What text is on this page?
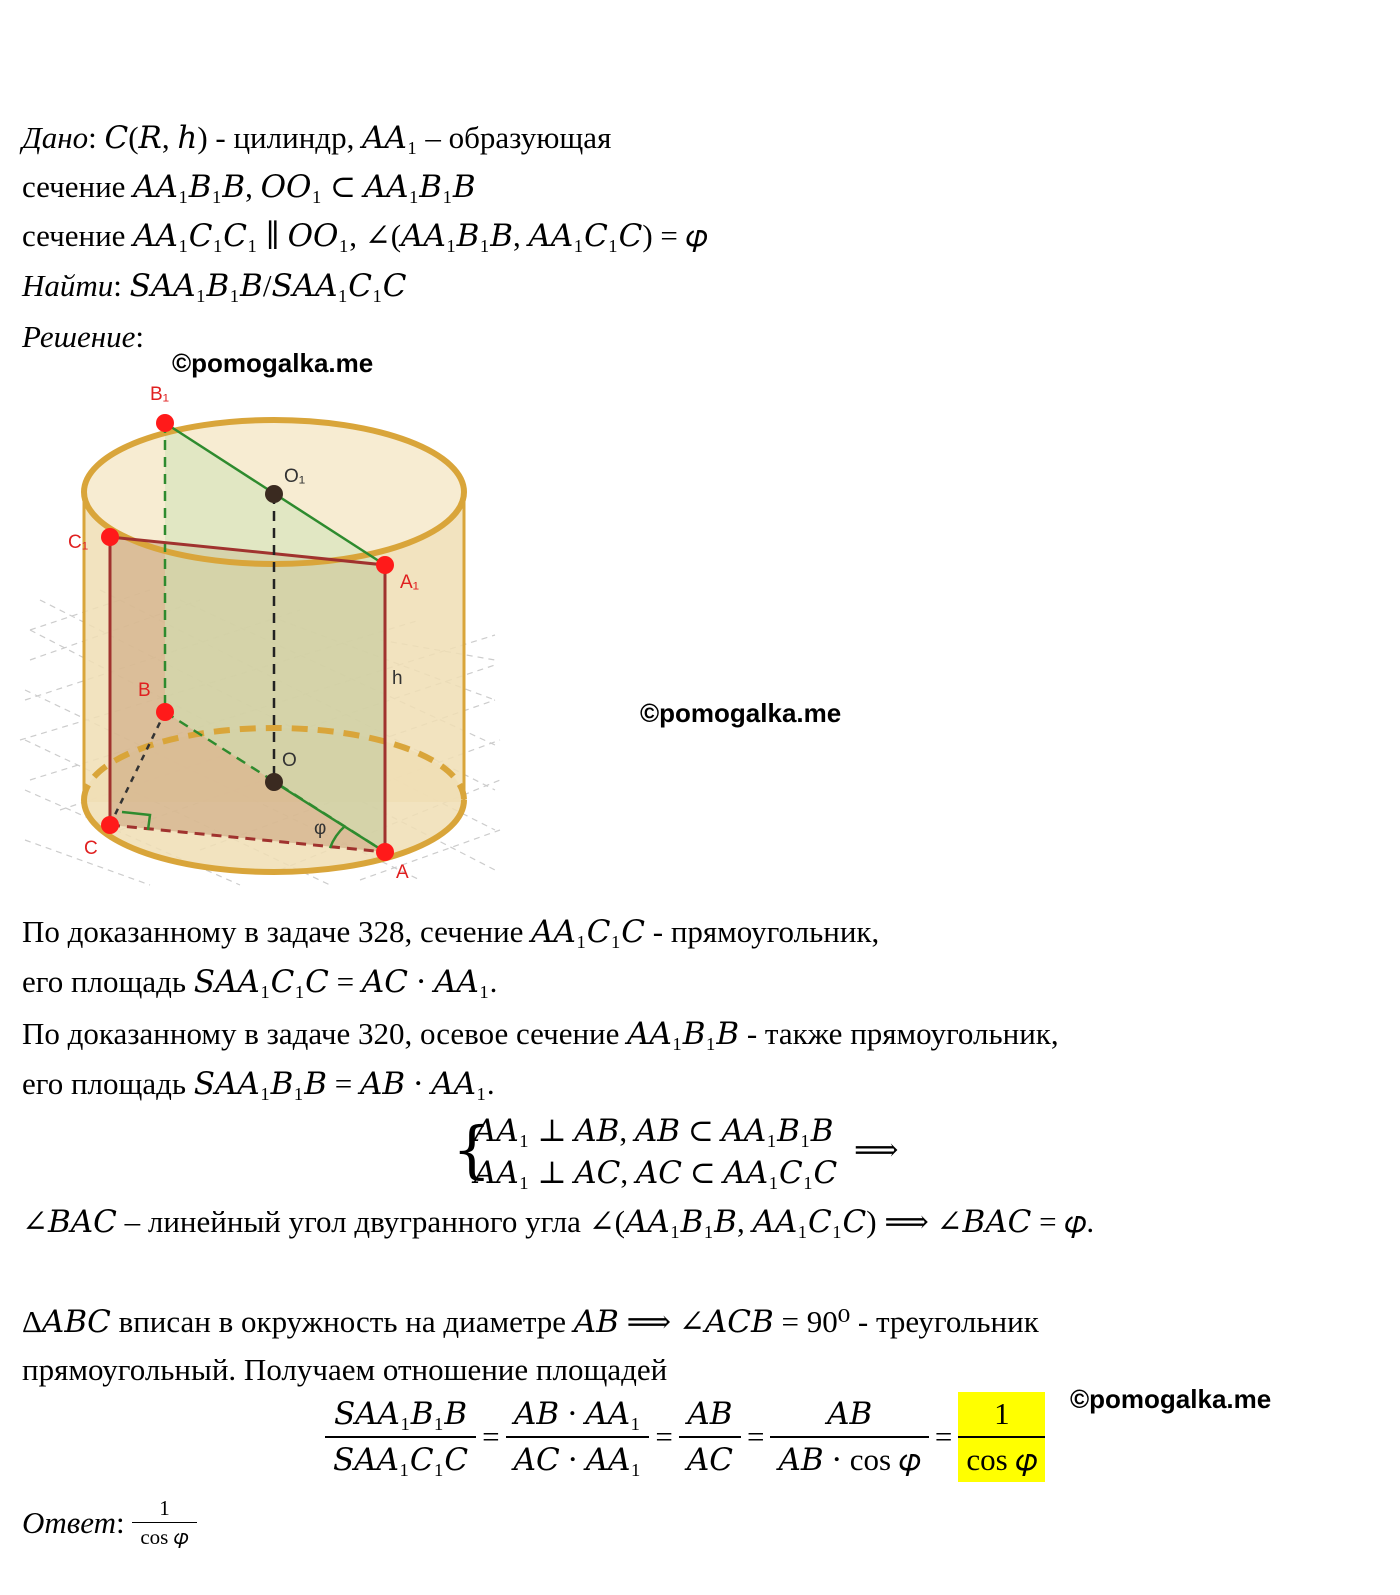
Дано: 𝐶(𝑅, ℎ) - цилиндр, 𝐴𝐴₁ – образующая
сечение 𝐴𝐴₁𝐵₁𝐵, 𝑂𝑂₁ ⊂ 𝐴𝐴₁𝐵₁𝐵
сечение 𝐴𝐴₁𝐶₁𝐶₁ ∥ 𝑂𝑂₁, ∠(𝐴𝐴₁𝐵₁𝐵, 𝐴𝐴₁𝐶₁𝐶) = 𝜑
Найти: 𝑆𝐴𝐴₁𝐵₁𝐵/𝑆𝐴𝐴₁𝐶₁𝐶
Решение:
©pomogalka.me
©pomogalka.me
©pomogalka.me
B₁
O₁
C₁
A₁
B
O
C
A
h
φ
По доказанному в задаче 328, сечение 𝐴𝐴₁𝐶₁𝐶 - прямоугольник,
его площадь 𝑆𝐴𝐴₁𝐶₁𝐶 = 𝐴𝐶 ⋅ 𝐴𝐴₁.
По доказанному в задаче 320, осевое сечение 𝐴𝐴₁𝐵₁𝐵 - также прямоугольник,
его площадь 𝑆𝐴𝐴₁𝐵₁𝐵 = 𝐴𝐵 ⋅ 𝐴𝐴₁.
{
𝐴𝐴₁ ⊥ 𝐴𝐵, 𝐴𝐵 ⊂ 𝐴𝐴₁𝐵₁𝐵
𝐴𝐴₁ ⊥ 𝐴𝐶, 𝐴𝐶 ⊂ 𝐴𝐴₁𝐶₁𝐶
⟹
∠𝐵𝐴𝐶 – линейный угол двугранного угла ∠(𝐴𝐴₁𝐵₁𝐵, 𝐴𝐴₁𝐶₁𝐶) ⟹ ∠𝐵𝐴𝐶 = 𝜑.
Δ𝐴𝐵𝐶 вписан в окружность на диаметре 𝐴𝐵 ⟹ ∠𝐴𝐶𝐵 = 90⁰ - треугольник
прямоугольный. Получаем отношение площадей
$\frac{\text{𝑆𝐴𝐴₁𝐵₁𝐵}}{\text{𝑆𝐴𝐴₁𝐶₁𝐶}} = \frac{\text{𝐴𝐵 ⋅ 𝐴𝐴₁}}{\text{𝐴𝐶 ⋅ 𝐴𝐴₁}} = \frac{\text{𝐴𝐵}}{\text{𝐴𝐶}} = \frac{\text{𝐴𝐵}}{\text{𝐴𝐵 ⋅ cos 𝜑}} = \frac{1}{\text{cos 𝜑}}$
Ответ: $\frac{1}{\text{cos 𝜑}}$
